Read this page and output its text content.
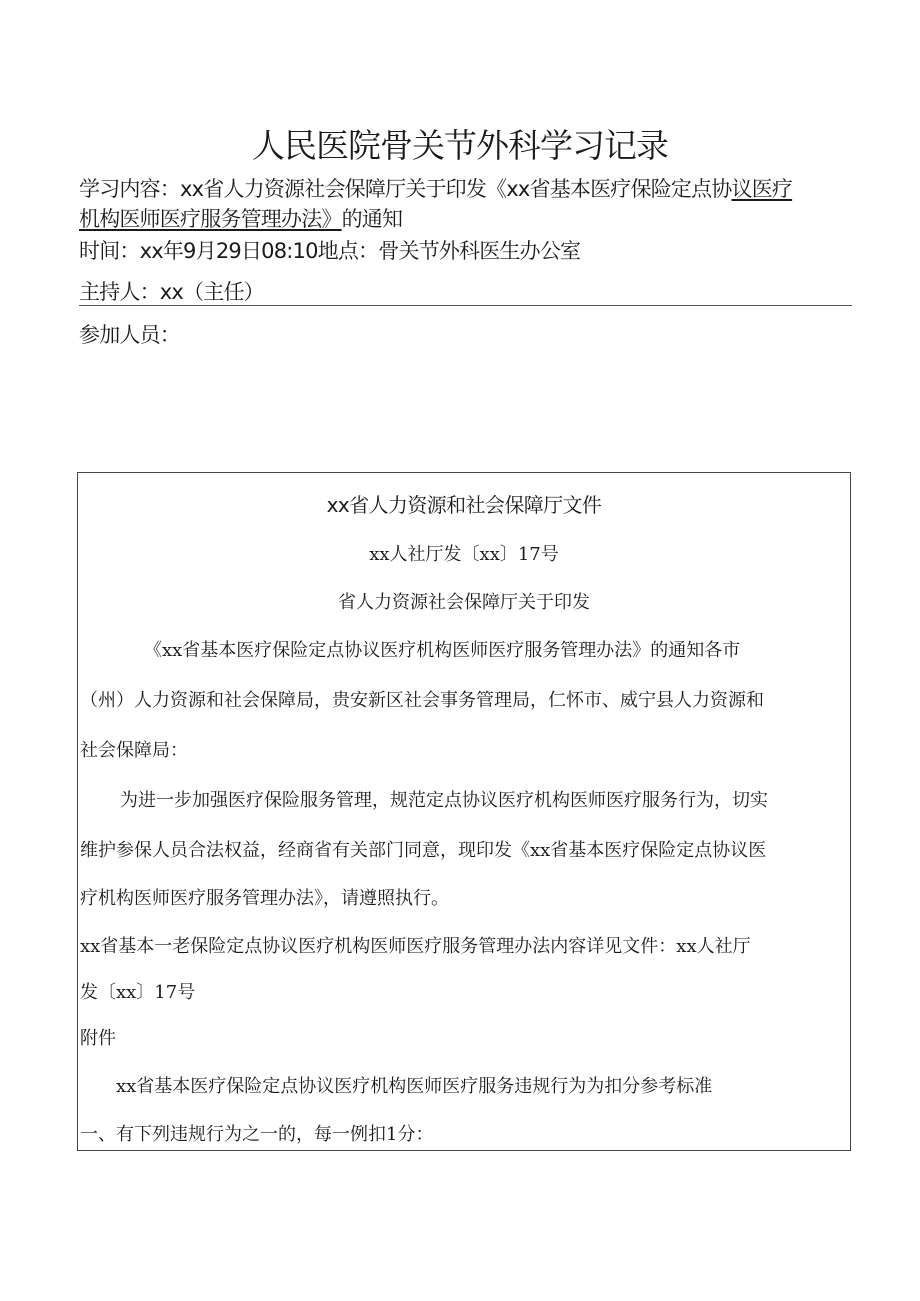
人民医院骨关节外科学习记录
学习内容：xx省人力资源社会保障厅关于印发《xx省基本医疗保险定点协议医疗
机构医师医疗服务管理办法》的通知
时间：xx年9月29日08:10地点：骨关节外科医生办公室
主持人：xx（主任）
参加人员：
xx省人力资源和社会保障厅文件
xx人社厅发〔xx〕17号
省人力资源社会保障厅关于印发
《xx省基本医疗保险定点协议医疗机构医师医疗服务管理办法》的通知各市
（州）人力资源和社会保障局，贵安新区社会事务管理局，仁怀市、威宁县人力资源和
社会保障局：
为进一步加强医疗保险服务管理，规范定点协议医疗机构医师医疗服务行为，切实
维护参保人员合法权益，经商省有关部门同意，现印发《xx省基本医疗保险定点协议医
疗机构医师医疗服务管理办法》，请遵照执行。
xx省基本一老保险定点协议医疗机构医师医疗服务管理办法内容详见文件：xx人社厅
发〔xx〕17号
附件
xx省基本医疗保险定点协议医疗机构医师医疗服务违规行为为扣分参考标准
一、有下列违规行为之一的，每一例扣1分：
